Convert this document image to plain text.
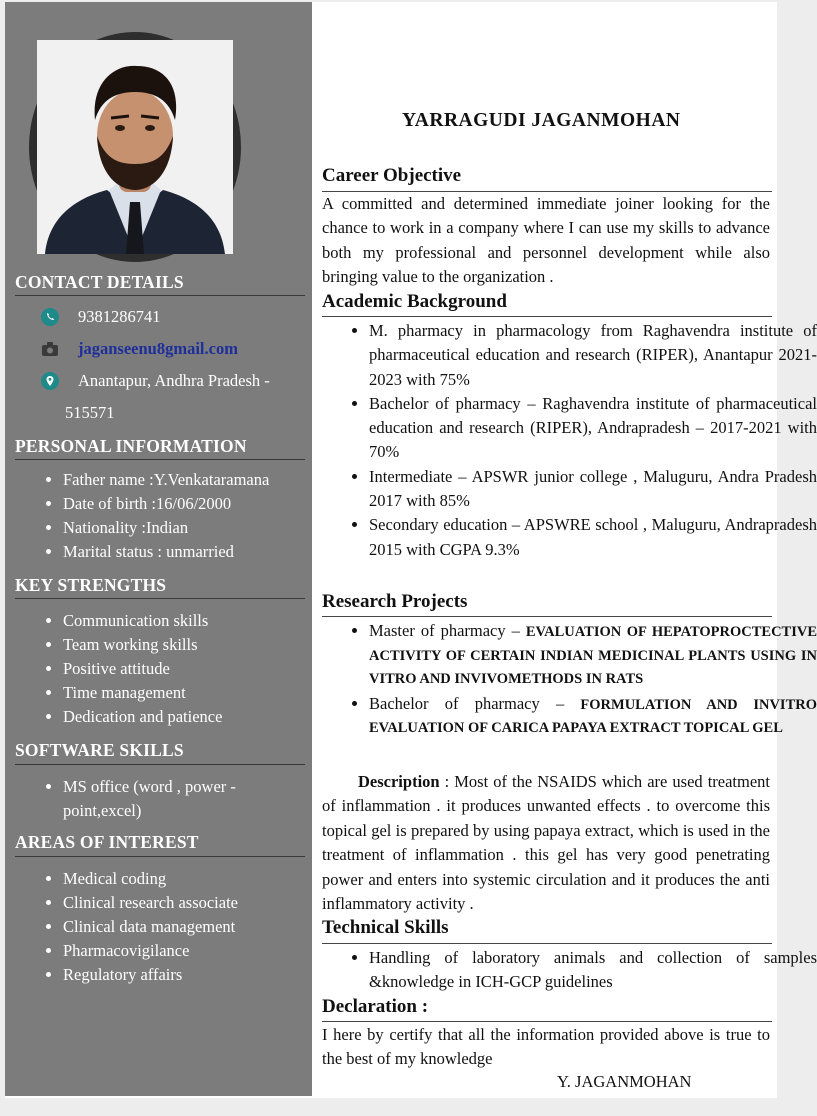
CONTACT DETAILS
9381286741
jaganseenu8gmail.com
Anantapur, Andhra Pradesh -
515571
PERSONAL INFORMATION
• Father name :Y.Venkataramana
• Date of birth :16/06/2000
• Nationality :Indian
• Marital status : unmarried
KEY STRENGTHS
• Communication skills
• Team working skills
• Positive attitude
• Time management
• Dedication and patience
SOFTWARE SKILLS
• MS office (word , power -
point,excel)
AREAS OF INTEREST
• Medical coding
• Clinical research associate
• Clinical data management
• Pharmacovigilance
• Regulatory affairs
YARRAGUDI JAGANMOHAN
Career Objective

A committed and determined immediate joiner looking for the chance to work in a company where I can use my skills to advance both my professional and personnel development while also bringing value to the organization .

Academic Background
• M. pharmacy in pharmacology from Raghavendra institute of pharmaceutical education and research (RIPER), Anantapur 2021-2023 with 75%
• Bachelor of pharmacy – Raghavendra institute of pharmaceutical education and research (RIPER), Andrapradesh – 2017-2021 with 70%
• Intermediate – APSWR junior college , Maluguru, Andra Pradesh 2017 with 85%
• Secondary education – APSWRE school , Maluguru, Andrapradesh 2015 with CGPA 9.3%
Research Projects
• Master of pharmacy – EVALUATION OF HEPATOPROCTECTIVE ACTIVITY OF CERTAIN INDIAN MEDICINAL PLANTS USING IN VITRO AND INVIVOMETHODS IN RATS
• Bachelor of pharmacy – FORMULATION AND INVITRO EVALUATION OF CARICA PAPAYA EXTRACT TOPICAL GEL

Description : Most of the NSAIDS which are used treatment of inflammation . it produces unwanted effects . to overcome this topical gel is prepared by using papaya extract, which is used in the treatment of inflammation . this gel has very good penetrating power and enters into systemic circulation and it produces the anti inflammatory activity .

Technical Skills
• Handling of laboratory animals and collection of samples &knowledge in ICH-GCP guidelines
Declaration :

I here by certify that all the information provided above is true to the best of my knowledge

Y. JAGANMOHAN
